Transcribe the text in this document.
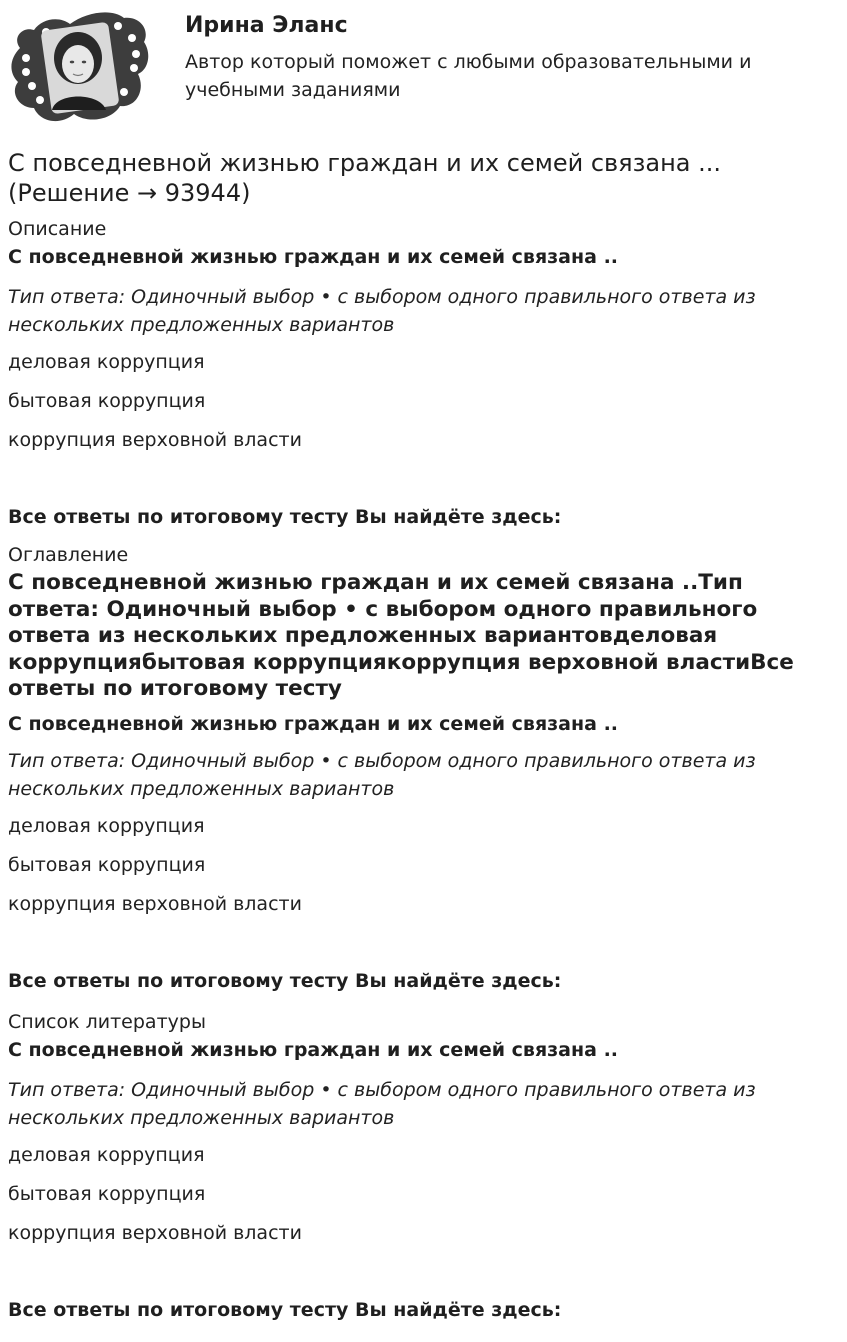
Ирина Эланс
Автор который поможет с любыми образовательными и учебными заданиями
С повседневной жизнью граждан и их семей связана ... (Решение → 93944)
Описание
С повседневной жизнью граждан и их семей связана ..
Тип ответа: Одиночный выбор • с выбором одного правильного ответа из нескольких предложенных вариантов
деловая коррупция
бытовая коррупция
коррупция верховной власти
Все ответы по итоговому тесту Вы найдёте здесь:
Оглавление
С повседневной жизнью граждан и их семей связана ..Тип ответа: Одиночный выбор • с выбором одного правильного ответа из нескольких предложенных вариантовделовая коррупциябытовая коррупциякоррупция верховной властиВсе ответы по итоговому тесту
С повседневной жизнью граждан и их семей связана ..
Тип ответа: Одиночный выбор • с выбором одного правильного ответа из нескольких предложенных вариантов
деловая коррупция
бытовая коррупция
коррупция верховной власти
Все ответы по итоговому тесту Вы найдёте здесь:
Список литературы
С повседневной жизнью граждан и их семей связана ..
Тип ответа: Одиночный выбор • с выбором одного правильного ответа из нескольких предложенных вариантов
деловая коррупция
бытовая коррупция
коррупция верховной власти
Все ответы по итоговому тесту Вы найдёте здесь:
